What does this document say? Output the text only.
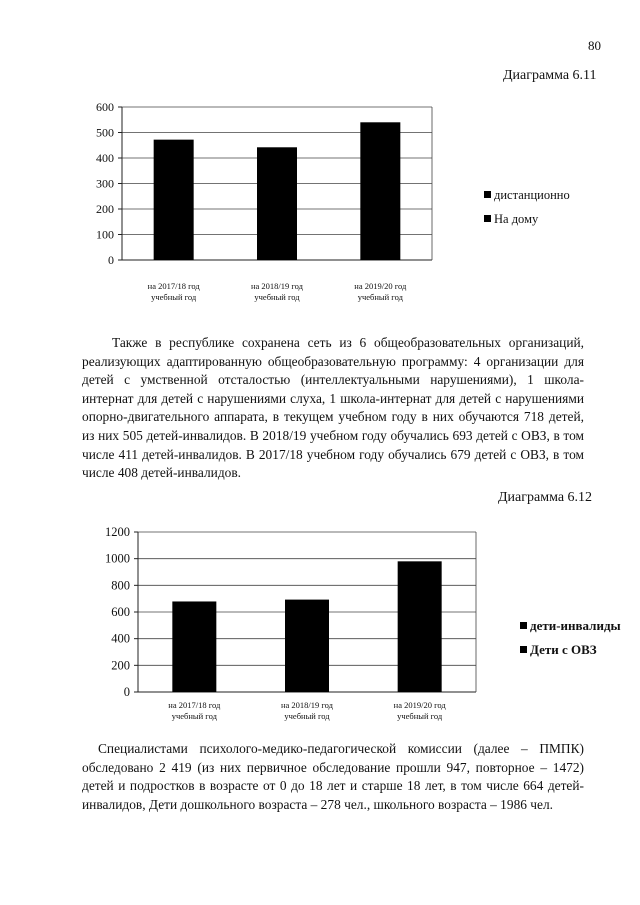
80
Диаграмма 6.11
0
100
200
300
400
500
600
на 2017/18 год
учебный год
на 2018/19 год
учебный год
на 2019/20 год
учебный год
дистанционно
На дому

Также в республике сохранена сеть из 6 общеобразовательных организаций, реализующих адаптированную общеобразовательную программу: 4 организации для детей с умственной отсталостью (интеллектуальными нарушениями), 1 школа-интернат для детей с нарушениями слуха, 1 школа-интернат для детей с нарушениями опорно-двигательного аппарата, в текущем учебном году в них обучаются 718 детей, из них 505 детей-инвалидов. В 2018/19 учебном году обучались 693 детей с ОВЗ, в том числе 411 детей-инвалидов. В 2017/18 учебном году обучались 679 детей с ОВЗ, в том числе 408 детей-инвалидов.

Диаграмма 6.12
0
200
400
600
800
1000
1200
на 2017/18 год
учебный год
на 2018/19 год
учебный год
на 2019/20 год
учебный год
дети-инвалиды
Дети с ОВЗ

Специалистами психолого-медико-педагогической комиссии (далее – ПМПК) обследовано 2 419 (из них первичное обследование прошли 947, повторное – 1472) детей и подростков в возрасте от 0 до 18 лет и старше 18 лет, в том числе 664 детей-инвалидов, Дети дошкольного возраста – 278 чел., школьного возраста – 1986 чел.
